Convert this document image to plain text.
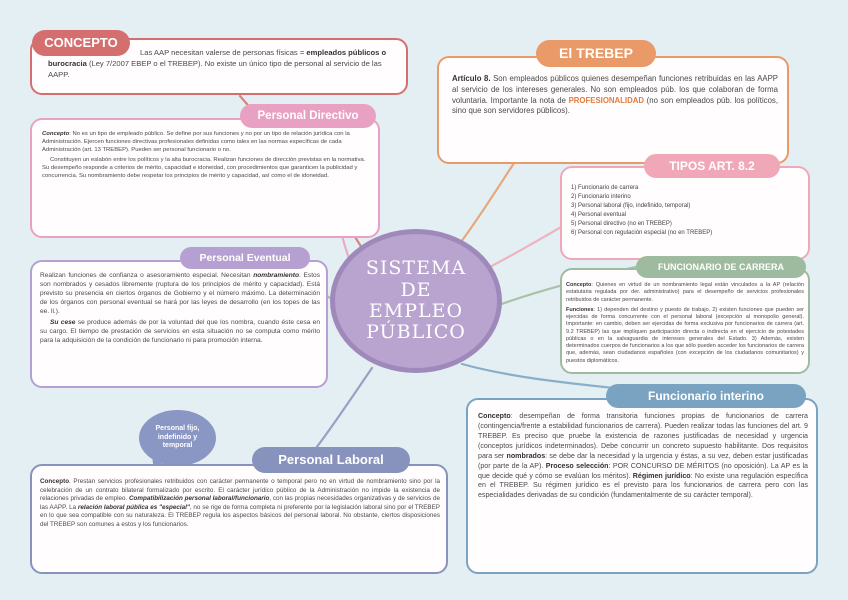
SISTEMA
DE
EMPLEO
PÚBLICO
CONCEPTO
Las AAP necesitan valerse de personas físicas = empleados públicos o burocracia (Ley 7/2007 EBEP o el TREBEP). No existe un único tipo de personal al servicio de las AAPP.
El TREBEP
Artículo 8. Son empleados públicos quienes desempeñan funciones retribuidas en las AAPP al servicio de los intereses generales. No son empleados púb. los que colaboran de forma voluntaria. Importante la nota de PROFESIONALIDAD (no son empleados púb. los políticos, sino que son servidores públicos).
Personal Directivo

Concepto: No es un tipo de empleado público. Se define por sus funciones y no por un tipo de relación jurídica con la Administración. Ejercen funciones directivas profesionales definidas como tales en las normas específicas de cada Administración (art. 13 TREBEP). Pueden ser personal funcionario o no.

Constituyen un eslabón entre los políticos y la alta burocracia. Realizan funciones de dirección previstas en la normativa. Su desempeño responde a criterios de mérito, capacidad e idoneidad, con procedimientos que garanticen la publicidad y concurrencia. Su nombramiento debe respetar los principios de mérito y capacidad, así como el de idoneidad.

TIPOS ART. 8.2
1) Funcionario de carrera
2) Funcionario interino
3) Personal laboral (fijo, indefinido, temporal)
4) Personal eventual
5) Personal directivo (no en TREBEP)
6) Personal con regulación especial (no en TREBEP)
Personal Eventual

Realizan funciones de confianza o asesoramiento especial. Necesitan nombramiento. Estos son nombrados y cesados libremente (ruptura de los principios de mérito y capacidad). Está previsto su presencia en ciertos órganos de Gobierno y el número máximo. La determinación de los órganos con personal eventual se hará por las leyes de desarrollo (en los topes de las ee. ll.).

Su cese se produce además de por la voluntad del que los nombra, cuando éste cesa en su cargo. El tiempo de prestación de servicios en esta situación no se computa como mérito para la adquisición de la condición de funcionario ni para promoción interna.

FUNCIONARIO DE CARRERA

Concepto: Quienes en virtud de un nombramiento legal están vinculados a la AP (relación estatutaria regulada por der. administrativo) para el desempeño de servicios profesionales retribuidos de carácter permanente.

Funciones: 1) dependen del destino y puesto de trabajo. 2) existen funciones que pueden ser ejercidas de forma concurrente con el personal laboral (excepción al monopolio general). Importante: en cambio, deben ser ejercidas de forma exclusiva por funcionarios de carrera (art. 9.2 TREBEP) las que impliquen participación directa o indirecta en el ejercicio de potestades públicas o en la salvaguardia de intereses generales del Estado. 3) Además, existen determinados cuerpos de funcionarios a los que sólo pueden acceder los funcionarios de carrera que, además, sean ciudadanos españoles (con excepción de los ciudadanos comunitarios) y puestos diplomáticos.

Personal fijo, indefinido y temporal
Personal Laboral
Concepto. Prestan servicios profesionales retribuidos con carácter permanente o temporal pero no en virtud de nombramiento sino por la celebración de un contrato bilateral formalizado por escrito. El carácter jurídico público de la Administración no impide la existencia de relaciones privadas de empleo. Compatibilización personal laboral/funcionario, con las propias necesidades organizativas y de servicios de las AAPP. La relación laboral pública es "especial", no se rige de forma completa ni preferente por la legislación laboral sino por el TREBEP en lo que sea compatible con su naturaleza. El TREBEP regula los aspectos básicos del personal laboral. No obstante, ciertos disposiciones del TREBEP son comunes a estos y los funcionarios.
Funcionario interino
Concepto: desempeñan de forma transitoria funciones propias de funcionarios de carrera (contingencia/frente a estabilidad funcionarios de carrera). Pueden realizar todas las funciones del art. 9 TREBEP. Es preciso que pruebe la existencia de razones justificadas de necesidad y urgencia (conceptos jurídicos indeterminados). Debe concurrir un concreto supuesto habilitante. Dos requisitos para ser nombrados: se debe dar la necesidad y la urgencia y éstas, a su vez, deben estar justificadas (por parte de la AP). Proceso selección: POR CONCURSO DE MÉRITOS (no oposición). La AP es la que decide qué y cómo se evalúan los méritos). Régimen jurídico: No existe una regulación específica en el TREBEP. Su régimen jurídico es el previsto para los funcionarios de carrera pero con las especialidades derivadas de su condición (fundamentalmente de su carácter temporal).
